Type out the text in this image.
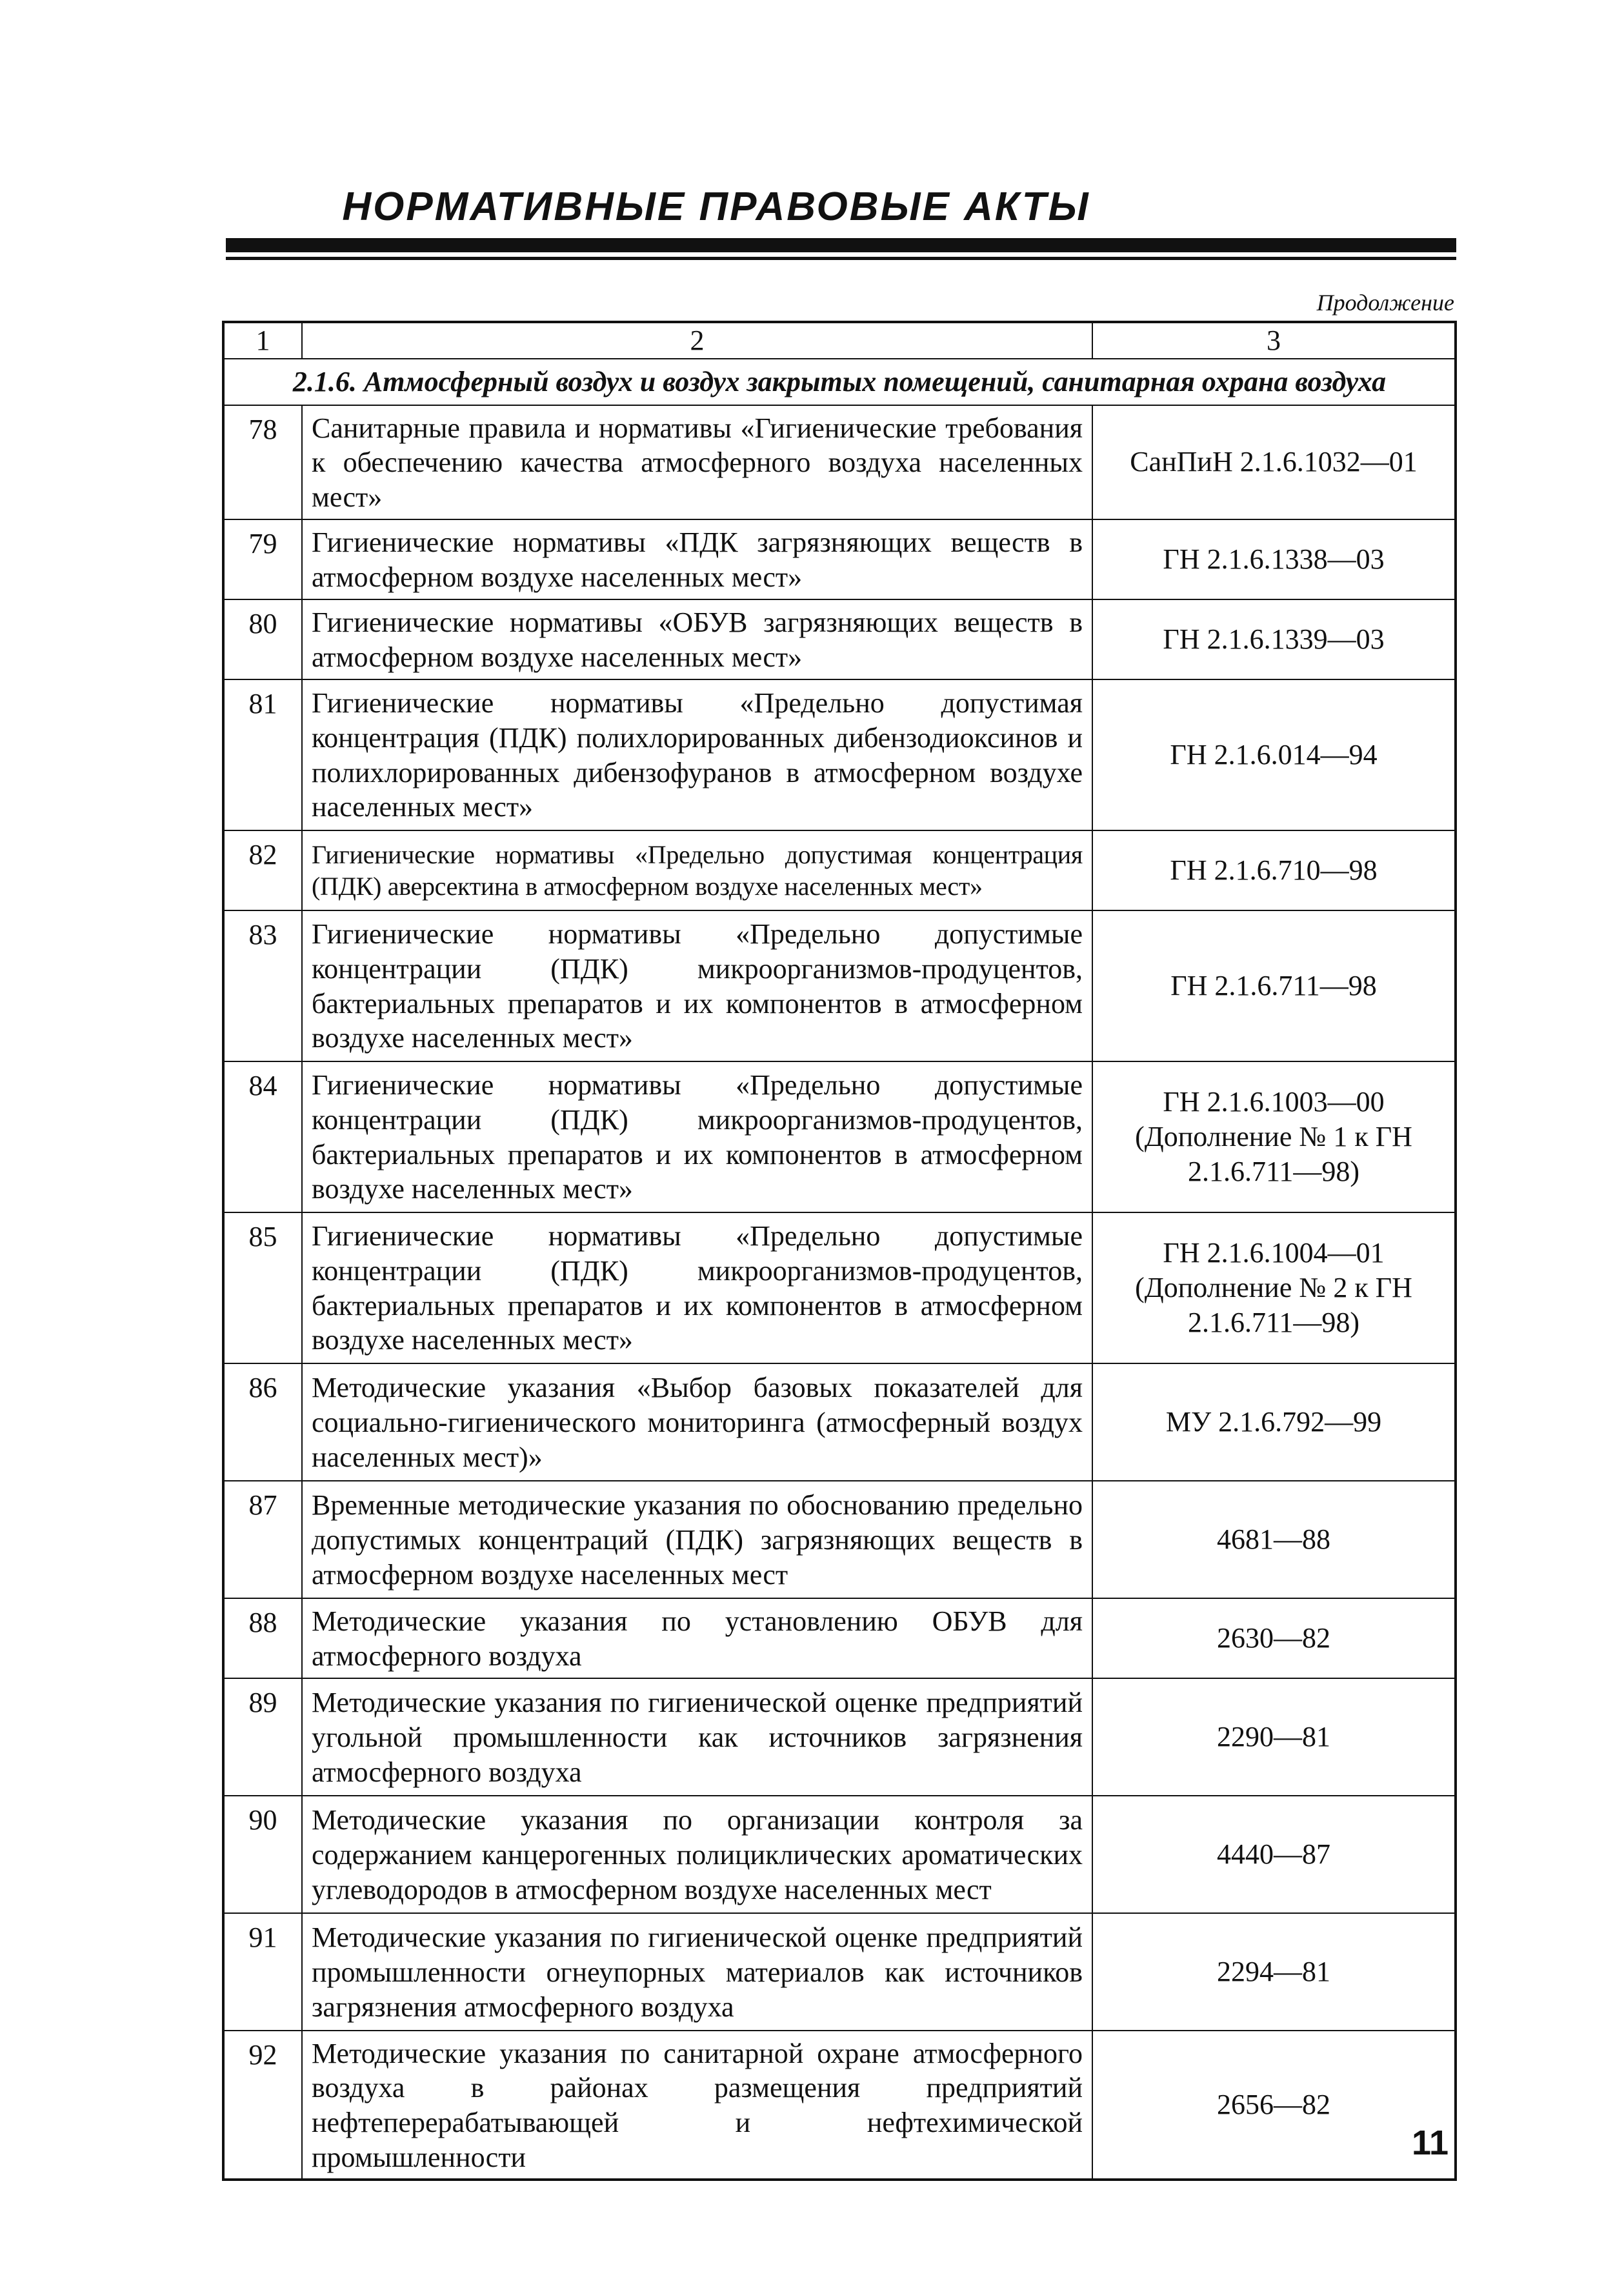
НОРМАТИВНЫЕ ПРАВОВЫЕ АКТЫ
Продолжение
1	2	3
2.1.6. Атмосферный воздух и воздух закрытых помещений, санитарная охрана воздуха		
78	Санитарные правила и нормативы «Гигиенические требования к обеспечению качества атмосферного воздуха населенных мест»	СанПиН 2.1.6.1032—01
79	Гигиенические нормативы «ПДК загрязняющих веществ в атмосферном воздухе населенных мест»	ГН 2.1.6.1338—03
80	Гигиенические нормативы «ОБУВ загрязняющих веществ в атмосферном воздухе населенных мест»	ГН 2.1.6.1339—03
81	Гигиенические нормативы «Предельно допустимая концентрация (ПДК) полихлорированных дибензодиоксинов и полихлорированных дибензофуранов в атмосферном воздухе населенных мест»	ГН 2.1.6.014—94
82	Гигиенические нормативы «Предельно допустимая концентрация (ПДК) аверсектина в атмосферном воздухе населенных мест»	ГН 2.1.6.710—98
83	Гигиенические нормативы «Предельно допустимые концентрации (ПДК) микроорганизмов-продуцентов, бактериальных препаратов и их компонентов в атмосферном воздухе населенных мест»	ГН 2.1.6.711—98
84	Гигиенические нормативы «Предельно допустимые концентрации (ПДК) микроорганизмов-продуцентов, бактериальных препаратов и их компонентов в атмосферном воздухе населенных мест»	ГН 2.1.6.1003—00 (Дополнение № 1 к ГН 2.1.6.711—98)
85	Гигиенические нормативы «Предельно допустимые концентрации (ПДК) микроорганизмов-продуцентов, бактериальных препаратов и их компонентов в атмосферном воздухе населенных мест»	ГН 2.1.6.1004—01 (Дополнение № 2 к ГН 2.1.6.711—98)
86	Методические указания «Выбор базовых показателей для социально-гигиенического мониторинга (атмосферный воздух населенных мест)»	МУ 2.1.6.792—99
87	Временные методические указания по обоснованию предельно допустимых концентраций (ПДК) загрязняющих веществ в атмосферном воздухе населенных мест	4681—88
88	Методические указания по установлению ОБУВ для атмосферного воздуха	2630—82
89	Методические указания по гигиенической оценке предприятий угольной промышленности как источников загрязнения атмосферного воздуха	2290—81
90	Методические указания по организации контроля за содержанием канцерогенных полициклических ароматических углеводородов в атмосферном воздухе населенных мест	4440—87
91	Методические указания по гигиенической оценке предприятий промышленности огнеупорных материалов как источников загрязнения атмосферного воздуха	2294—81
92	Методические указания по санитарной охране атмосферного воздуха в районах размещения предприятий нефтеперерабатывающей и нефтехимической промышленности	2656—82
11
